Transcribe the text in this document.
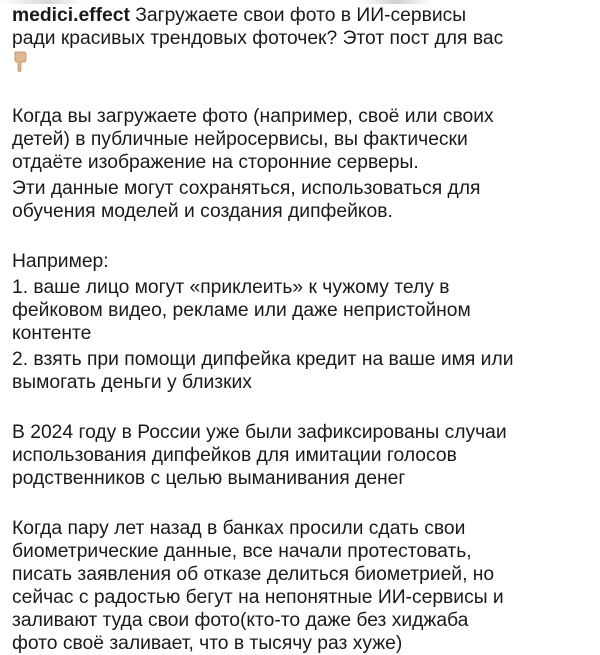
medici.effect Загружаете свои фото в ИИ-сервисы
ради красивых трендовых фоточек? Этот пост для вас
Когда вы загружаете фото (например, своё или своих
детей) в публичные нейросервисы, вы фактически
отдаёте изображение на сторонние серверы.
Эти данные могут сохраняться, использоваться для
обучения моделей и создания дипфейков.
Например:
1. ваше лицо могут «приклеить» к чужому телу в
фейковом видео, рекламе или даже непристойном
контенте
2. взять при помощи дипфейка кредит на ваше имя или
вымогать деньги у близких
В 2024 году в России уже были зафиксированы случаи
использования дипфейков для имитации голосов
родственников с целью выманивания денег
Когда пару лет назад в банках просили сдать свои
биометрические данные, все начали протестовать,
писать заявления об отказе делиться биометрией, но
сейчас с радостью бегут на непонятные ИИ-сервисы и
заливают туда свои фото(кто-то даже без хиджаба
фото своё заливает, что в тысячу раз хуже)
